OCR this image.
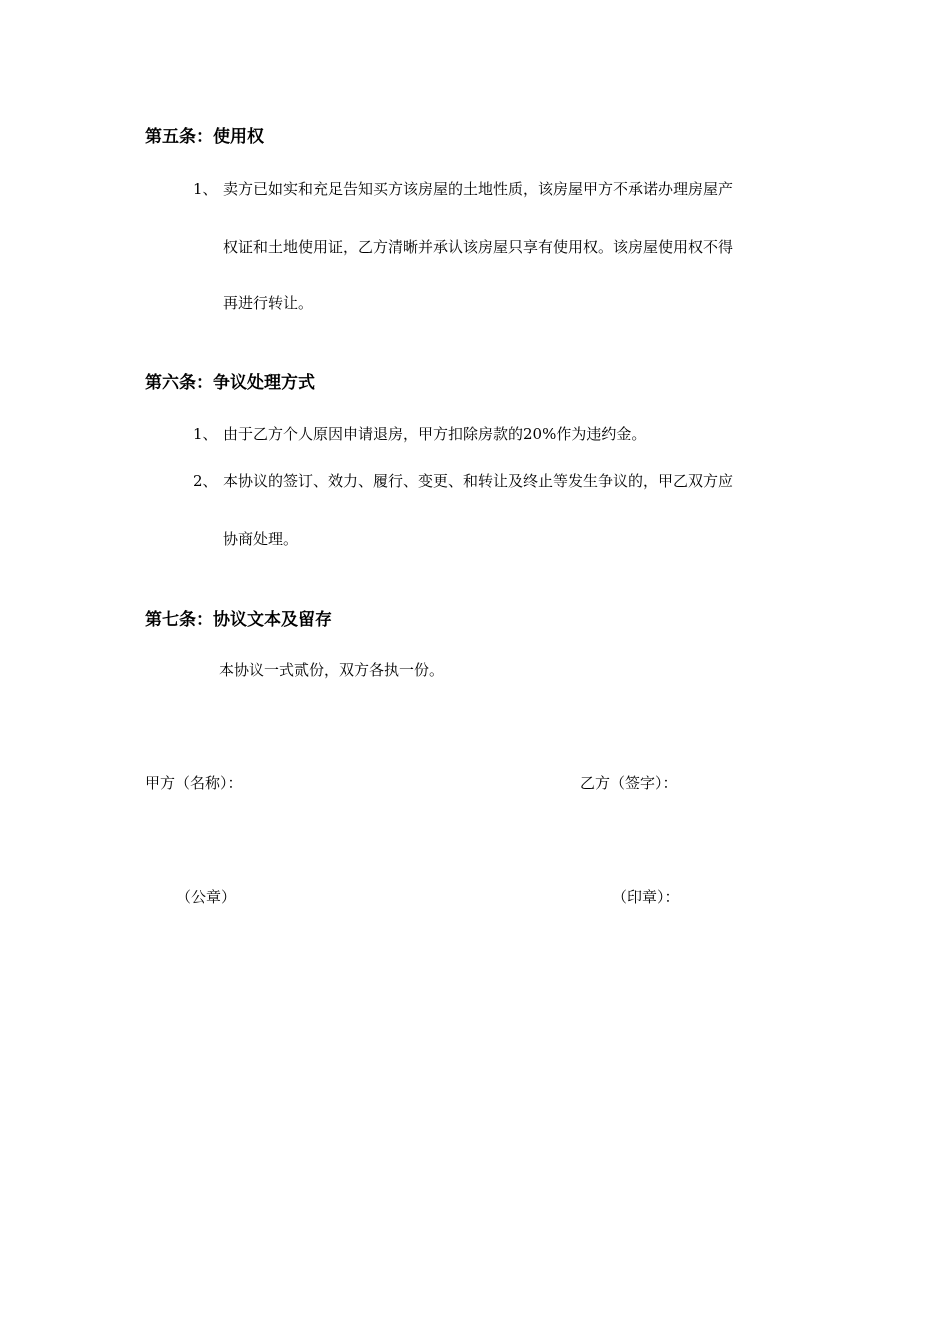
第五条：使用权
1、 卖方已如实和充足告知买方该房屋的土地性质，该房屋甲方不承诺办理房屋产
权证和土地使用证，乙方清晰并承认该房屋只享有使用权。该房屋使用权不得
再进行转让。
第六条：争议处理方式
1、 由于乙方个人原因申请退房，甲方扣除房款的20%作为违约金。
2、 本协议的签订、效力、履行、变更、和转让及终止等发生争议的，甲乙双方应
协商处理。
第七条：协议文本及留存
本协议一式贰份，双方各执一份。
甲方（名称）：	乙方（签字）：
（公章）	（印章）：
